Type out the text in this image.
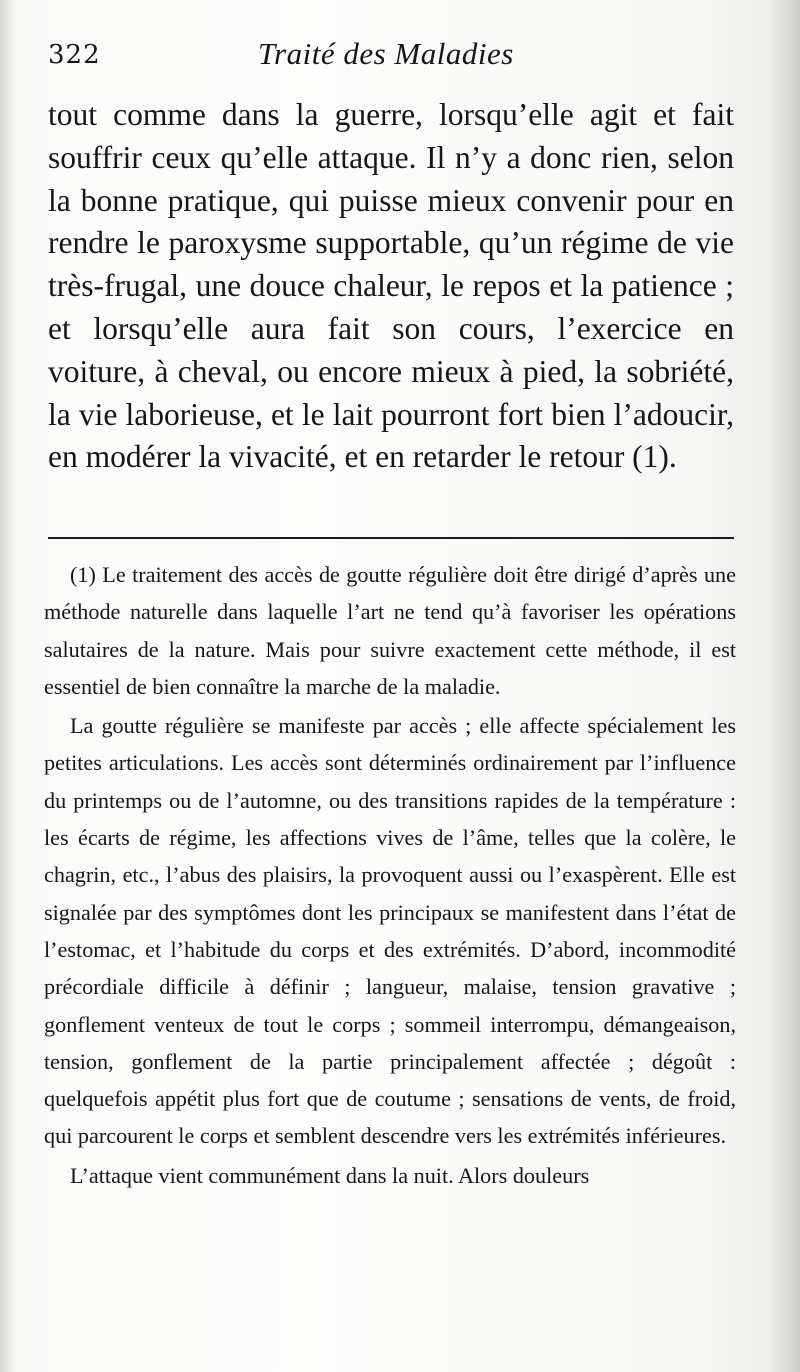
322	Traité des Maladies
tout comme dans la guerre, lorsqu’elle agit et fait souffrir ceux qu’elle attaque. Il n’y a donc rien, selon la bonne pratique, qui puisse mieux convenir pour en rendre le paroxysme supportable, qu’un régime de vie très-frugal, une douce chaleur, le repos et la patience ; et lorsqu’elle aura fait son cours, l’exercice en voiture, à cheval, ou encore mieux à pied, la sobriété, la vie laborieuse, et le lait pourront fort bien l’adoucir, en modérer la vivacité, et en retarder le retour (1).

(1) Le traitement des accès de goutte régulière doit être dirigé d’après une méthode naturelle dans laquelle l’art ne tend qu’à favoriser les opérations salutaires de la nature. Mais pour suivre exactement cette méthode, il est essentiel de bien connaître la marche de la maladie.

La goutte régulière se manifeste par accès ; elle affecte spécialement les petites articulations. Les accès sont déterminés ordinairement par l’influence du printemps ou de l’automne, ou des transitions rapides de la température : les écarts de régime, les affections vives de l’âme, telles que la colère, le chagrin, etc., l’abus des plaisirs, la provoquent aussi ou l’exaspèrent. Elle est signalée par des symptômes dont les principaux se manifestent dans l’état de l’estomac, et l’habitude du corps et des extrémités. D’abord, incommodité précordiale difficile à définir ; langueur, malaise, tension gravative ; gonflement venteux de tout le corps ; sommeil interrompu, démangeaison, tension, gonflement de la partie principalement affectée ; dégoût : quelquefois appétit plus fort que de coutume ; sensations de vents, de froid, qui parcourent le corps et semblent descendre vers les extrémités inférieures.

L’attaque vient communément dans la nuit. Alors douleurs
